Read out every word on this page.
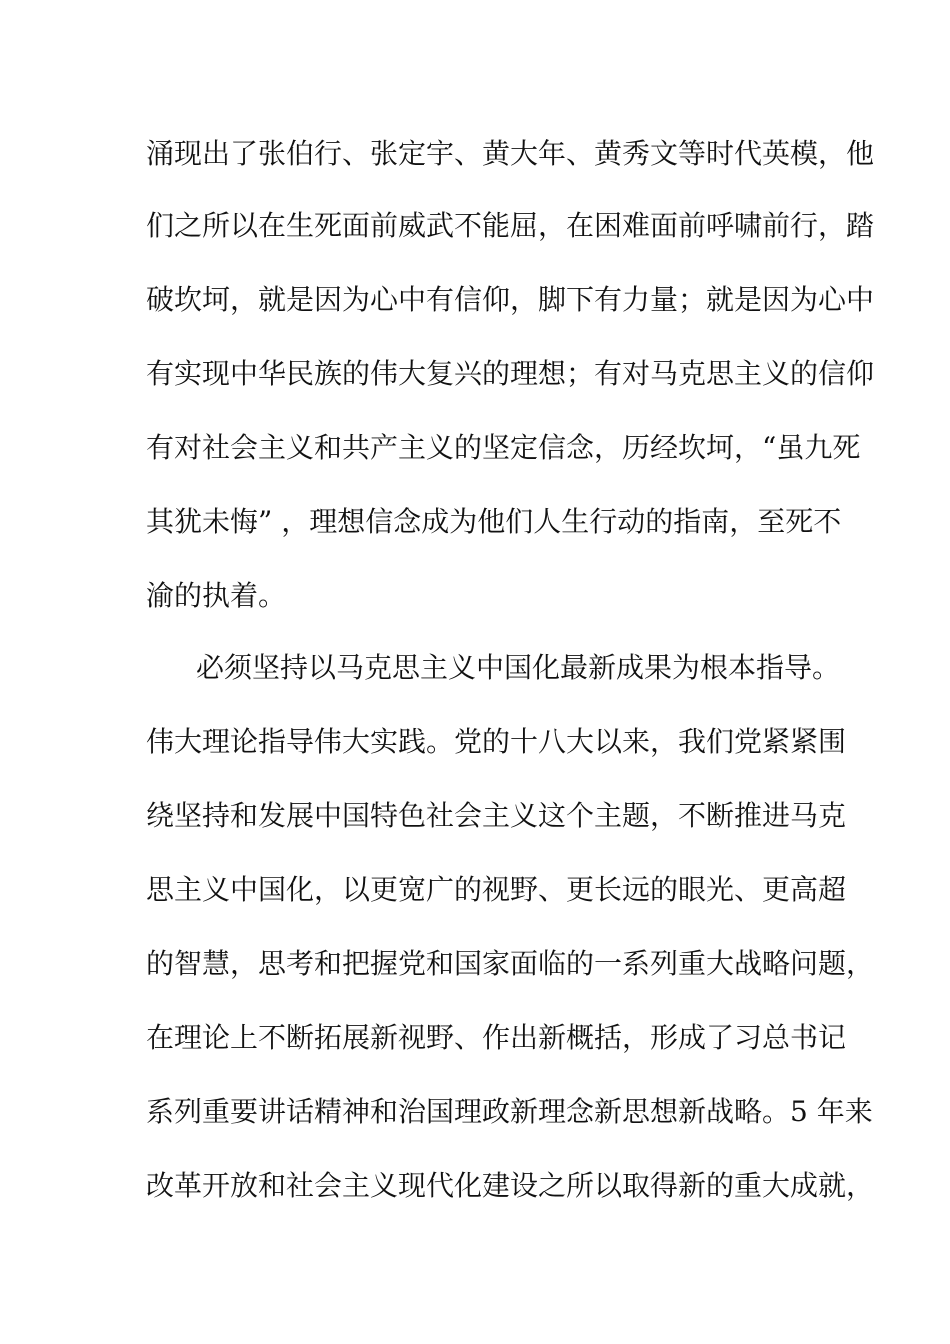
涌现出了张伯行、张定宇、黄大年、黄秀文等时代英模，他
们之所以在生死面前威武不能屈，在困难面前呼啸前行，踏
破坎坷，就是因为心中有信仰，脚下有力量；就是因为心中
有实现中华民族的伟大复兴的理想；有对马克思主义的信仰
有对社会主义和共产主义的坚定信念，历经坎坷，“虽九死
其犹未悔” ，理想信念成为他们人生行动的指南，至死不
渝的执着。
必须坚持以马克思主义中国化最新成果为根本指导。
伟大理论指导伟大实践。党的十八大以来，我们党紧紧围
绕坚持和发展中国特色社会主义这个主题，不断推进马克
思主义中国化，以更宽广的视野、更长远的眼光、更高超
的智慧，思考和把握党和国家面临的一系列重大战略问题，
在理论上不断拓展新视野、作出新概括，形成了习总书记
系列重要讲话精神和治国理政新理念新思想新战略。5 年来
改革开放和社会主义现代化建设之所以取得新的重大成就，
